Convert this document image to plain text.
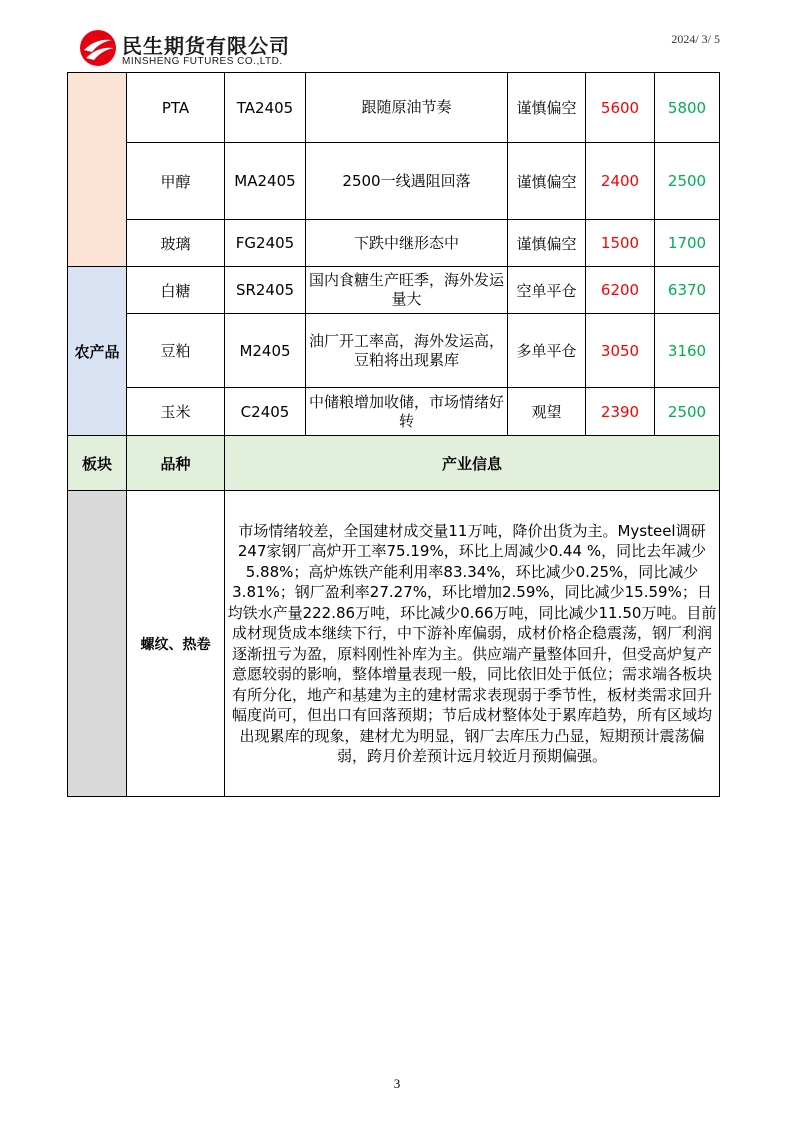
民生期货有限公司
MINSHENG FUTURES CO.,LTD.
2024/ 3/ 5
	PTA	TA2405	跟随原油节奏	谨慎偏空	5600	5800
	甲醇	MA2405	2500一线遇阻回落	谨慎偏空	2400	2500
	玻璃	FG2405	下跌中继形态中	谨慎偏空	1500	1700
农产品	白糖	SR2405	国内食糖生产旺季，海外发运量大	空单平仓	6200	6370
	豆粕	M2405	油厂开工率高，海外发运高，豆粕将出现累库	多单平仓	3050	3160
	玉米	C2405	中储粮增加收储，市场情绪好转	观望	2390	2500
板块	品种	产业信息				
	螺纹、热卷	市场情绪较差，全国建材成交量11万吨，降价出货为主。Mysteel调研247家钢厂高炉开工率75.19%，环比上周减少0.44 %，同比去年减少5.88%；高炉炼铁产能利用率83.34%，环比减少0.25%，同比减少3.81%；钢厂盈利率27.27%，环比增加2.59%，同比减少15.59%；日均铁水产量222.86万吨，环比减少0.66万吨，同比减少11.50万吨。目前成材现货成本继续下行，中下游补库偏弱，成材价格企稳震荡，钢厂利润逐渐扭亏为盈，原料刚性补库为主。供应端产量整体回升，但受高炉复产意愿较弱的影响，整体增量表现一般，同比依旧处于低位；需求端各板块有所分化，地产和基建为主的建材需求表现弱于季节性，板材类需求回升幅度尚可，但出口有回落预期；节后成材整体处于累库趋势，所有区域均出现累库的现象，建材尤为明显，钢厂去库压力凸显，短期预计震荡偏弱，跨月价差预计远月较近月预期偏强。				
3
